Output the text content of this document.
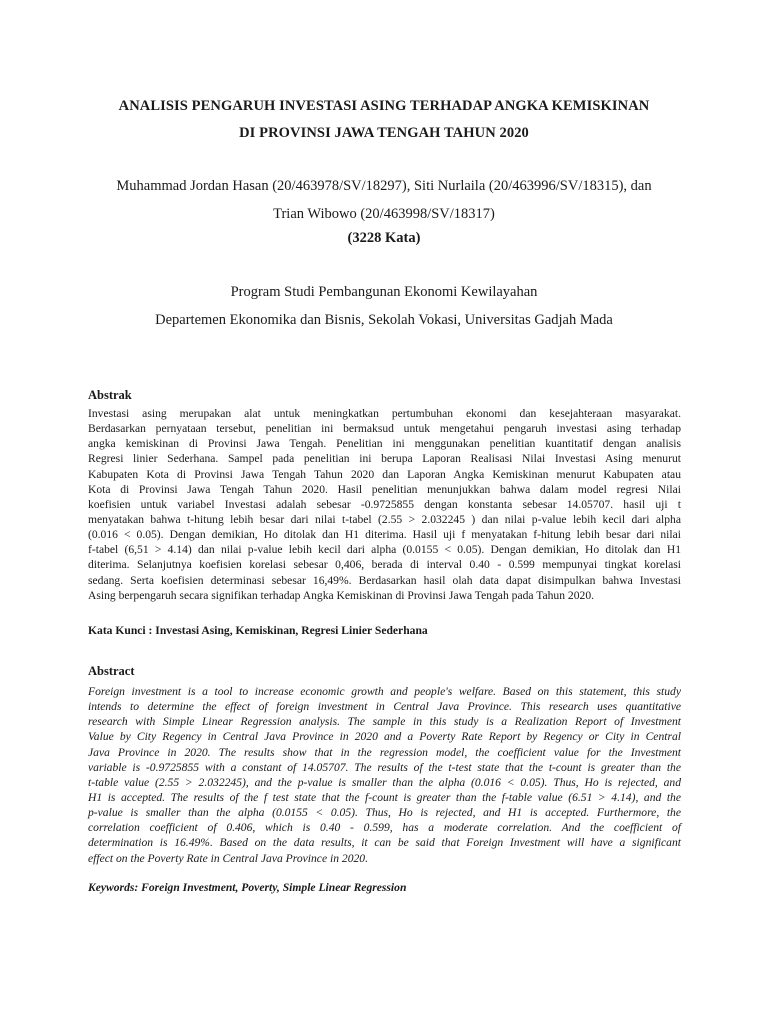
ANALISIS PENGARUH INVESTASI ASING TERHADAP ANGKA KEMISKINAN
DI PROVINSI JAWA TENGAH TAHUN 2020
Muhammad Jordan Hasan (20/463978/SV/18297), Siti Nurlaila (20/463996/SV/18315), dan
Trian Wibowo (20/463998/SV/18317)
(3228 Kata)
Program Studi Pembangunan Ekonomi Kewilayahan
Departemen Ekonomika dan Bisnis, Sekolah Vokasi, Universitas Gadjah Mada
Abstrak
Investasi asing merupakan alat untuk meningkatkan pertumbuhan ekonomi dan kesejahteraan masyarakat.
Berdasarkan pernyataan tersebut, penelitian ini bermaksud untuk mengetahui pengaruh investasi asing terhadap
angka kemiskinan di Provinsi Jawa Tengah. Penelitian ini menggunakan penelitian kuantitatif dengan analisis
Regresi linier Sederhana. Sampel pada penelitian ini berupa Laporan Realisasi Nilai Investasi Asing menurut
Kabupaten Kota di Provinsi Jawa Tengah Tahun 2020 dan Laporan Angka Kemiskinan menurut Kabupaten atau
Kota di Provinsi Jawa Tengah Tahun 2020. Hasil penelitian menunjukkan bahwa dalam model regresi Nilai
koefisien untuk variabel Investasi adalah sebesar -0.9725855 dengan konstanta sebesar 14.05707. hasil uji t
menyatakan bahwa t-hitung lebih besar dari nilai t-tabel (2.55 > 2.032245 ) dan nilai p-value lebih kecil dari alpha
(0.016 < 0.05). Dengan demikian, Ho ditolak dan H1 diterima. Hasil uji f menyatakan f-hitung lebih besar dari nilai
f-tabel (6,51 > 4.14) dan nilai p-value lebih kecil dari alpha (0.0155 < 0.05). Dengan demikian, Ho ditolak dan H1
diterima. Selanjutnya koefisien korelasi sebesar 0,406, berada di interval 0.40 - 0.599 mempunyai tingkat korelasi
sedang. Serta koefisien determinasi sebesar 16,49%. Berdasarkan hasil olah data dapat disimpulkan bahwa Investasi
Asing berpengaruh secara signifikan terhadap Angka Kemiskinan di Provinsi Jawa Tengah pada Tahun 2020.
Kata Kunci : Investasi Asing, Kemiskinan, Regresi Linier Sederhana
Abstract
Foreign investment is a tool to increase economic growth and people's welfare. Based on this statement, this study
intends to determine the effect of foreign investment in Central Java Province. This research uses quantitative
research with Simple Linear Regression analysis. The sample in this study is a Realization Report of Investment
Value by City Regency in Central Java Province in 2020 and a Poverty Rate Report by Regency or City in Central
Java Province in 2020. The results show that in the regression model, the coefficient value for the Investment
variable is -0.9725855 with a constant of 14.05707. The results of the t-test state that the t-count is greater than the
t-table value (2.55 > 2.032245), and the p-value is smaller than the alpha (0.016 < 0.05). Thus, Ho is rejected, and
H1 is accepted. The results of the f test state that the f-count is greater than the f-table value (6.51 > 4.14), and the
p-value is smaller than the alpha (0.0155 < 0.05). Thus, Ho is rejected, and H1 is accepted. Furthermore, the
correlation coefficient of 0.406, which is 0.40 - 0.599, has a moderate correlation. And the coefficient of
determination is 16.49%. Based on the data results, it can be said that Foreign Investment will have a significant
effect on the Poverty Rate in Central Java Province in 2020.
Keywords: Foreign Investment, Poverty, Simple Linear Regression
